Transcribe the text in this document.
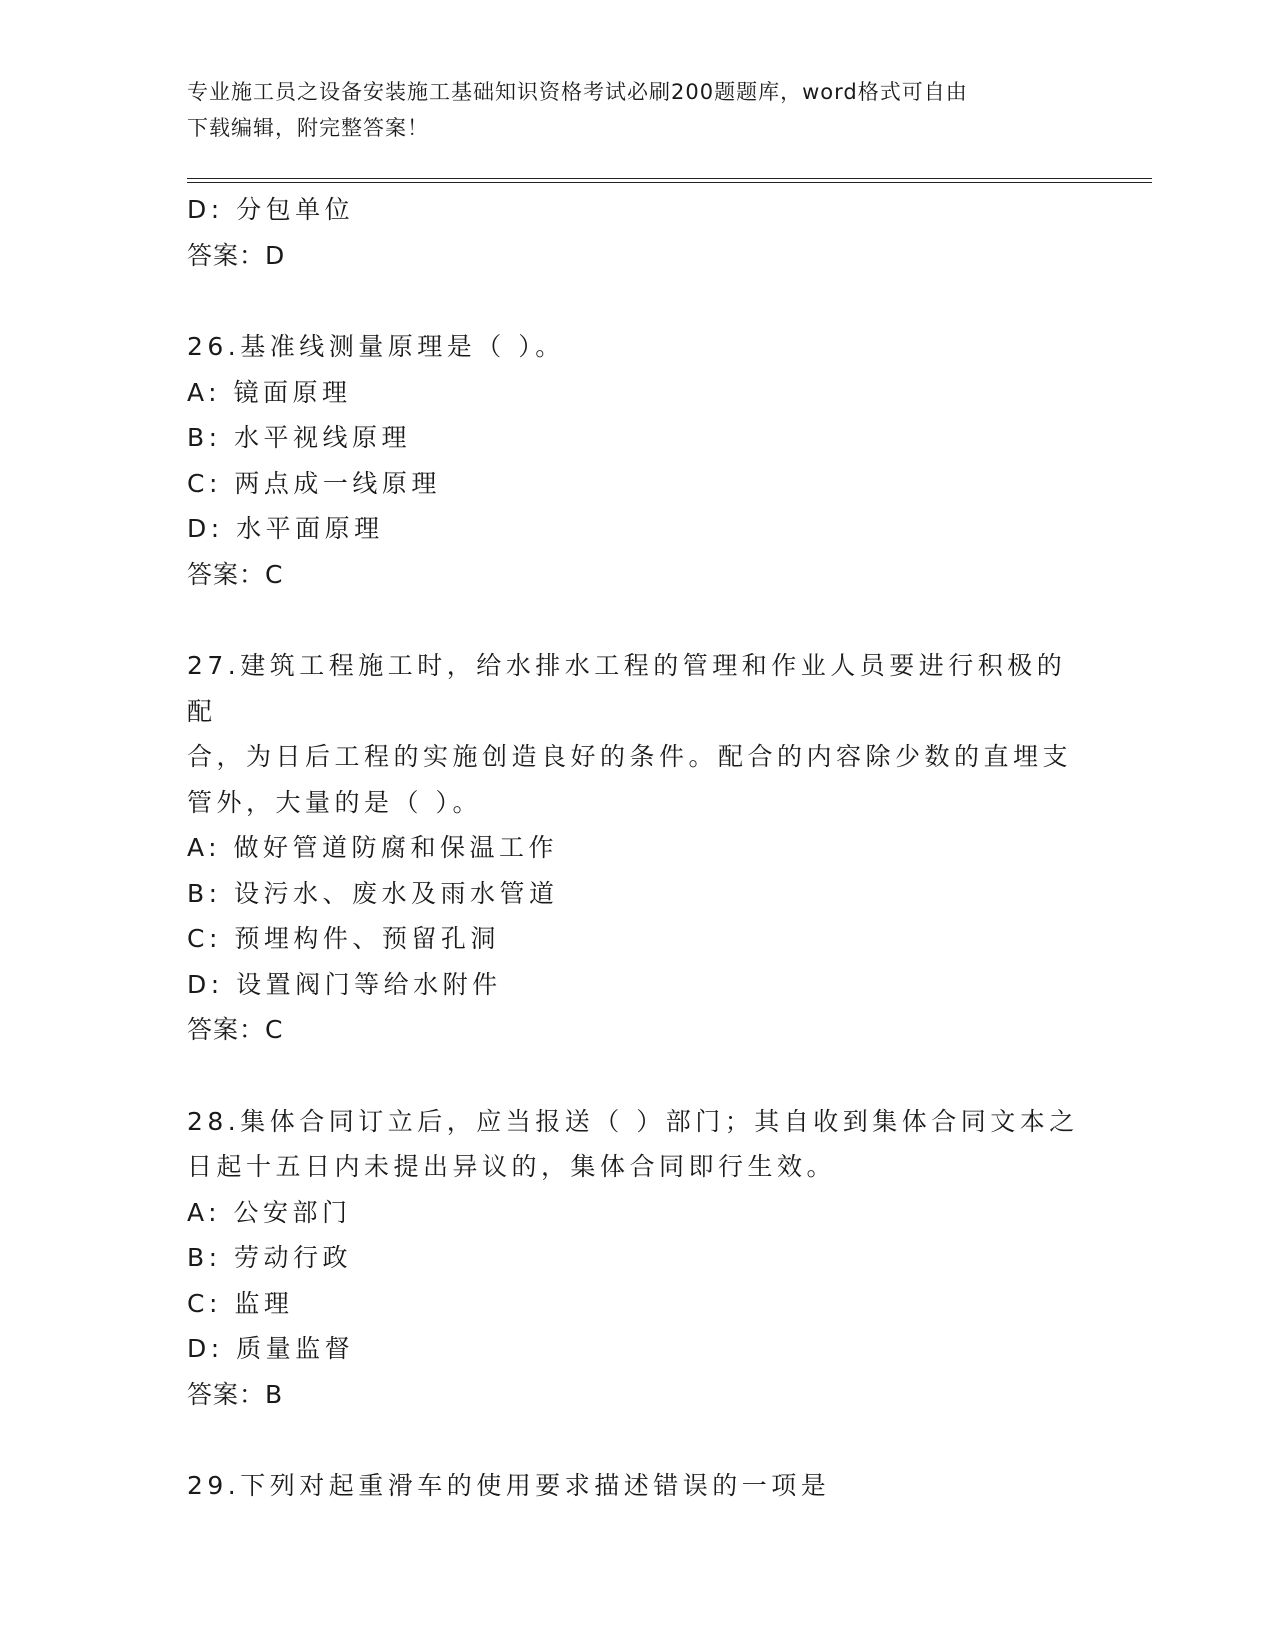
专业施工员之设备安装施工基础知识资格考试必刷200题题库，word格式可自由
下载编辑，附完整答案！
D: 分包单位
答案：D
26.基准线测量原理是（ ）。
A: 镜面原理
B: 水平视线原理
C: 两点成一线原理
D: 水平面原理
答案：C
27.建筑工程施工时，给水排水工程的管理和作业人员要进行积极的配
合，为日后工程的实施创造良好的条件。配合的内容除少数的直埋支
管外，大量的是（ ）。
A: 做好管道防腐和保温工作
B: 设污水、废水及雨水管道
C: 预埋构件、预留孔洞
D: 设置阀门等给水附件
答案：C
28.集体合同订立后，应当报送（ ）部门；其自收到集体合同文本之
日起十五日内未提出异议的，集体合同即行生效。
A: 公安部门
B: 劳动行政
C: 监理
D: 质量监督
答案：B
29.下列对起重滑车的使用要求描述错误的一项是
